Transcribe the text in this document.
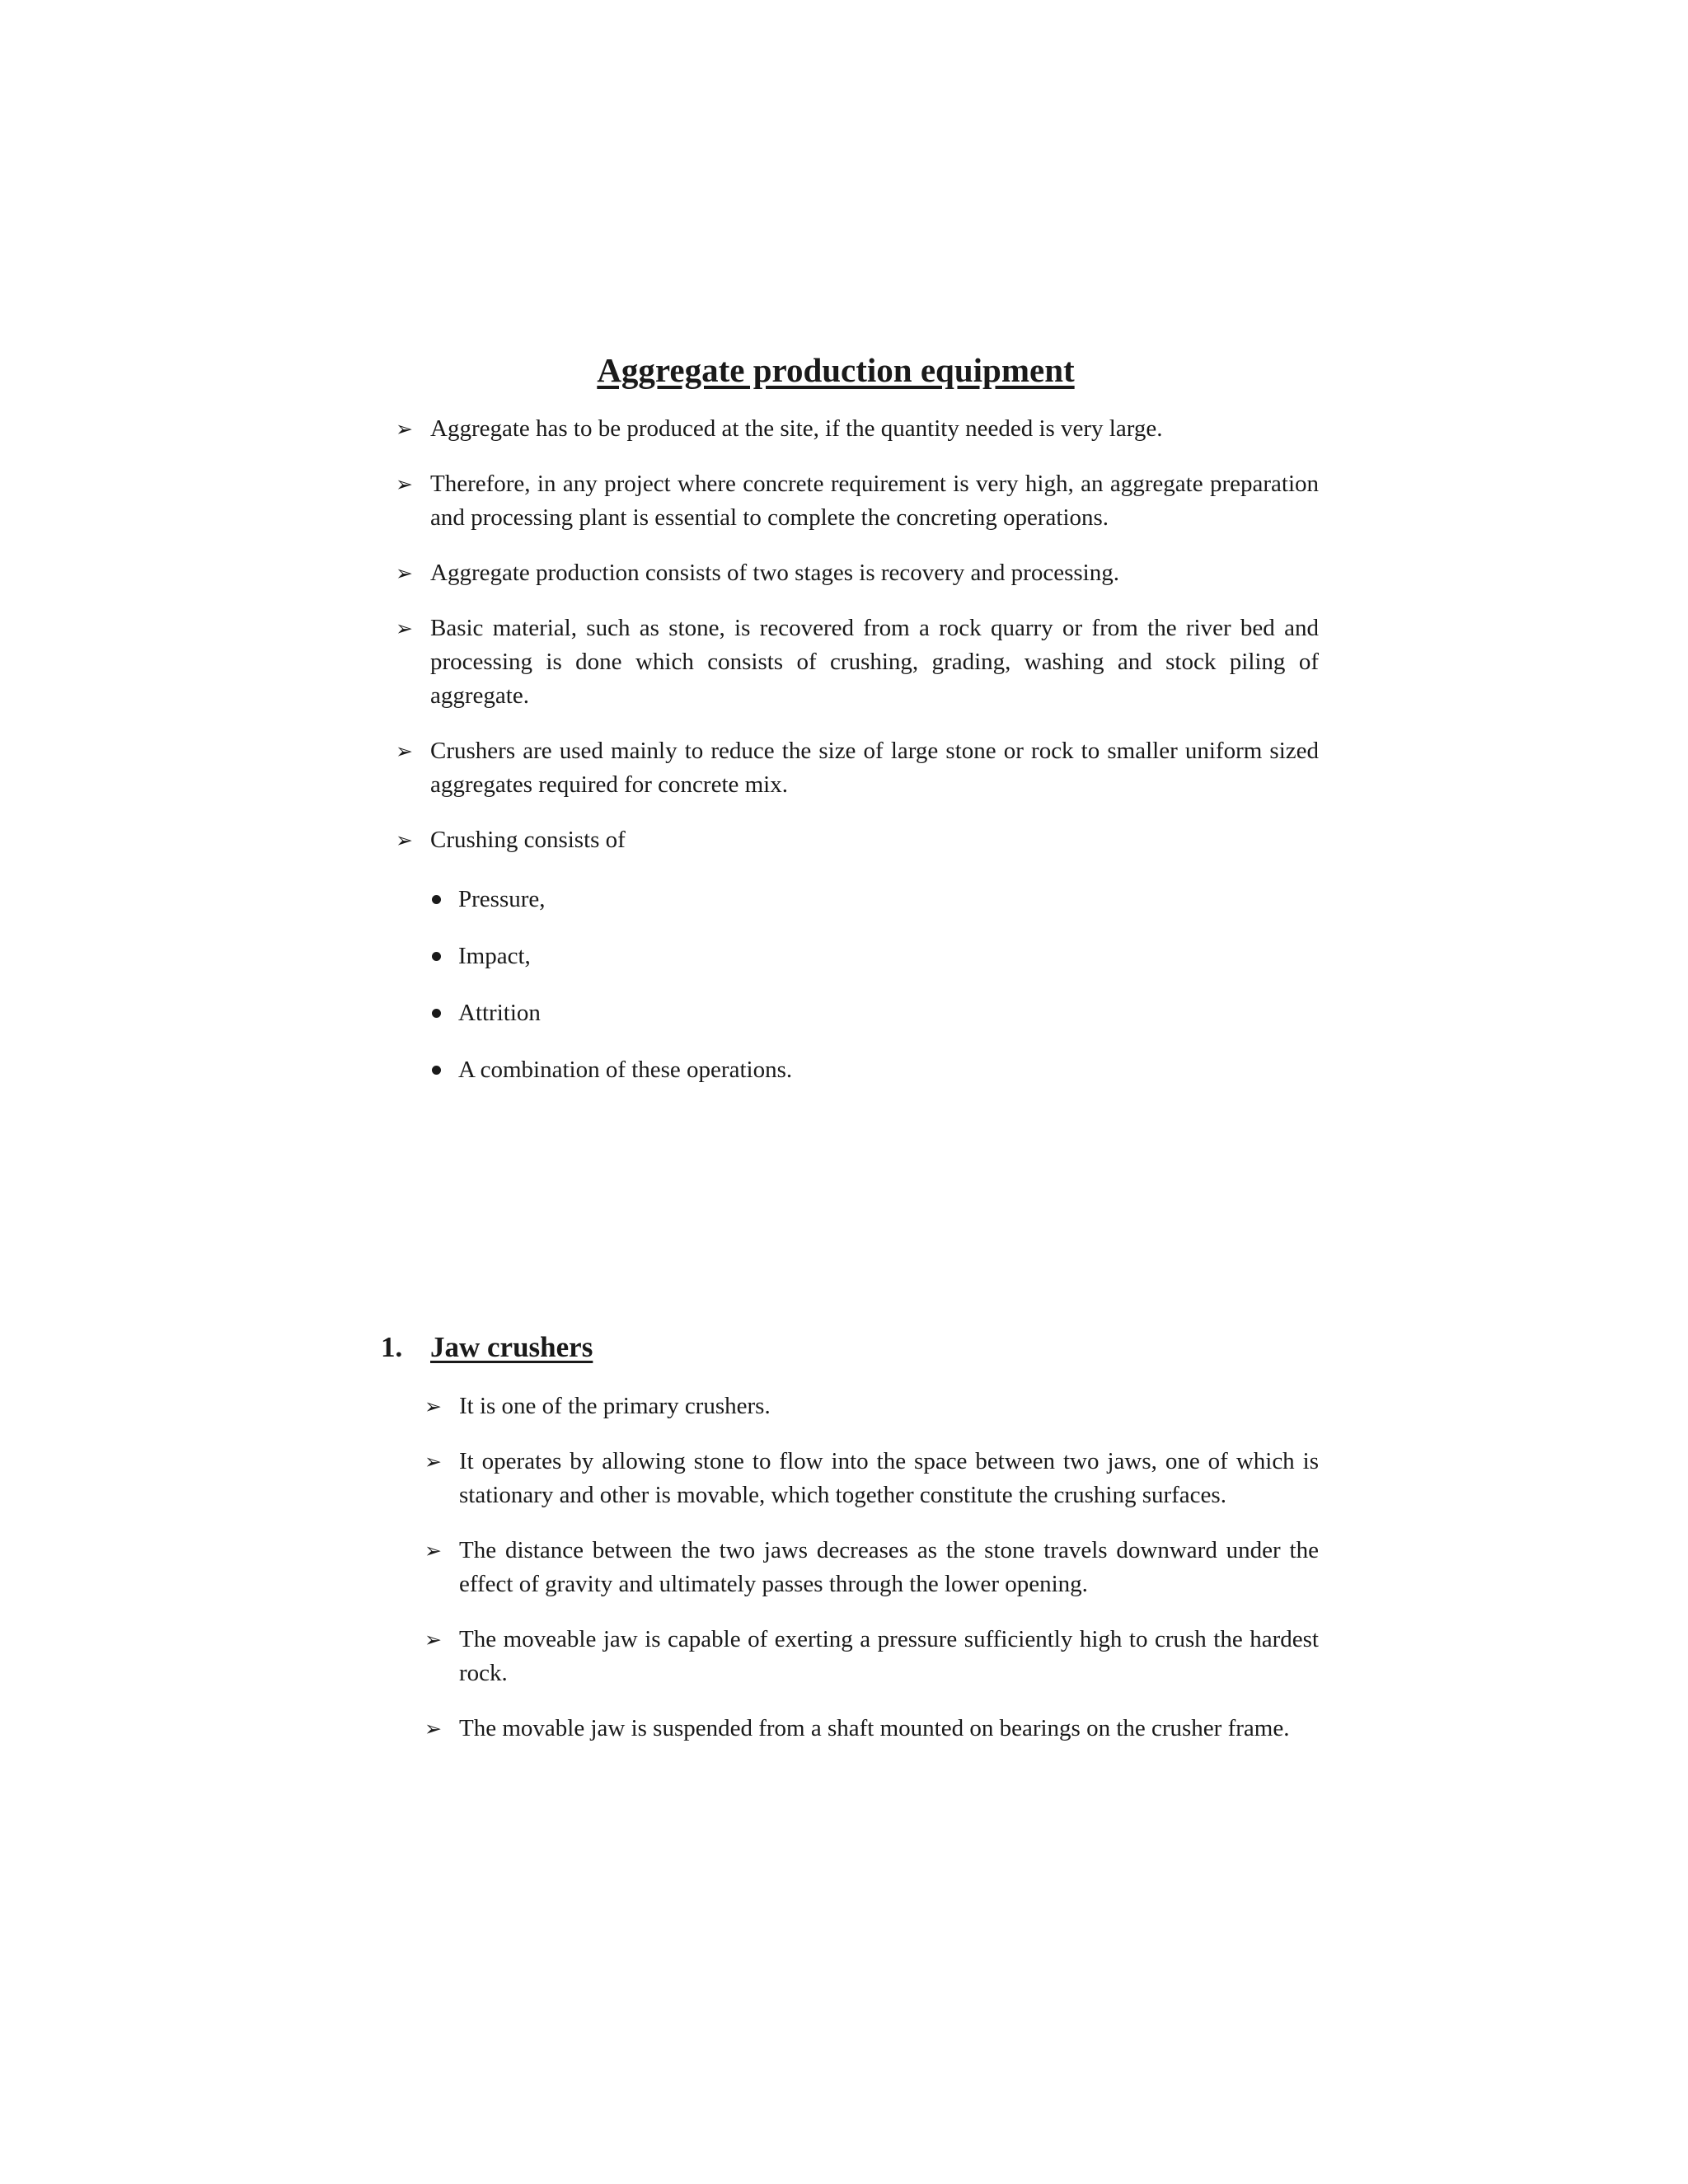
Aggregate production equipment
➢ Aggregate has to be produced at the site, if the quantity needed is very large.
➢ Therefore, in any project where concrete requirement is very high, an aggregate preparation and processing plant is essential to complete the concreting operations.
➢ Aggregate production consists of two stages is recovery and processing.
➢ Basic material, such as stone, is recovered from a rock quarry or from the river bed and processing is done which consists of crushing, grading, washing and stock piling of aggregate.
➢ Crushers are used mainly to reduce the size of large stone or rock to smaller uniform sized aggregates required for concrete mix.
➢ Crushing consists of
Pressure,
Impact,
Attrition
A combination of these operations.
1. Jaw crushers
➢ It is one of the primary crushers.
➢ It operates by allowing stone to flow into the space between two jaws, one of which is stationary and other is movable, which together constitute the crushing surfaces.
➢ The distance between the two jaws decreases as the stone travels downward under the effect of gravity and ultimately passes through the lower opening.
➢ The moveable jaw is capable of exerting a pressure sufficiently high to crush the hardest rock.
➢ The movable jaw is suspended from a shaft mounted on bearings on the crusher frame.
